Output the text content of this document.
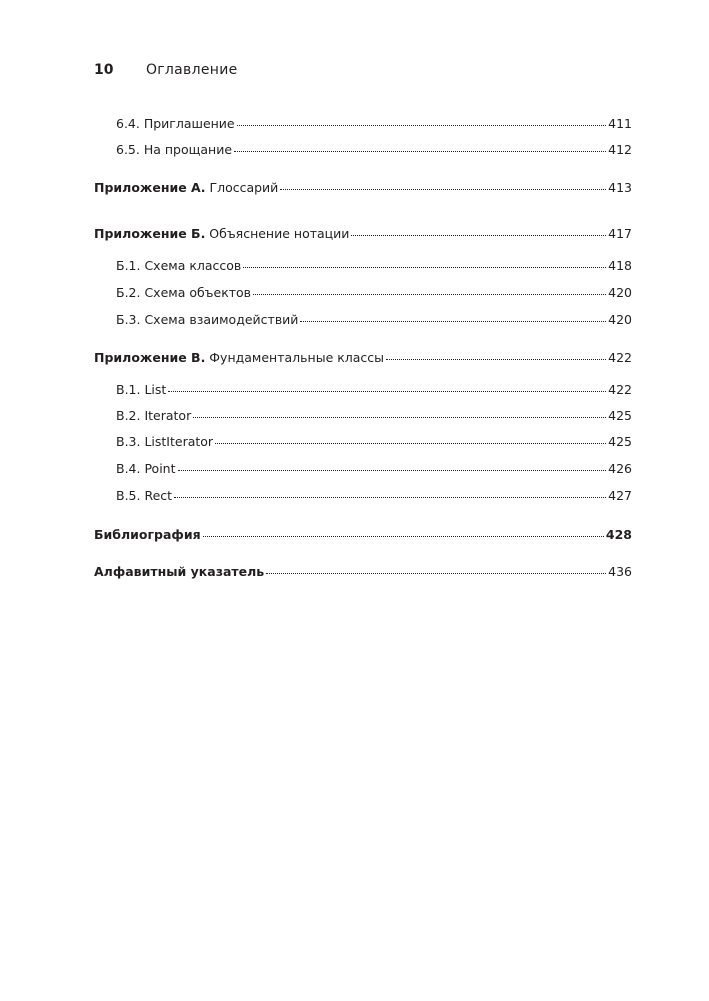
10 Оглавление
6.4. Приглашение	411
6.5. На прощание	412
Приложение А. Глоссарий	413
Приложение Б. Объяснение нотации	417
Б.1. Схема классов	418
Б.2. Схема объектов	420
Б.3. Схема взаимодействий	420
Приложение В. Фундаментальные классы	422
В.1. List	422
В.2. Iterator	425
В.3. ListIterator	425
В.4. Point	426
В.5. Rect	427
Библиография	428
Алфавитный указатель	436
